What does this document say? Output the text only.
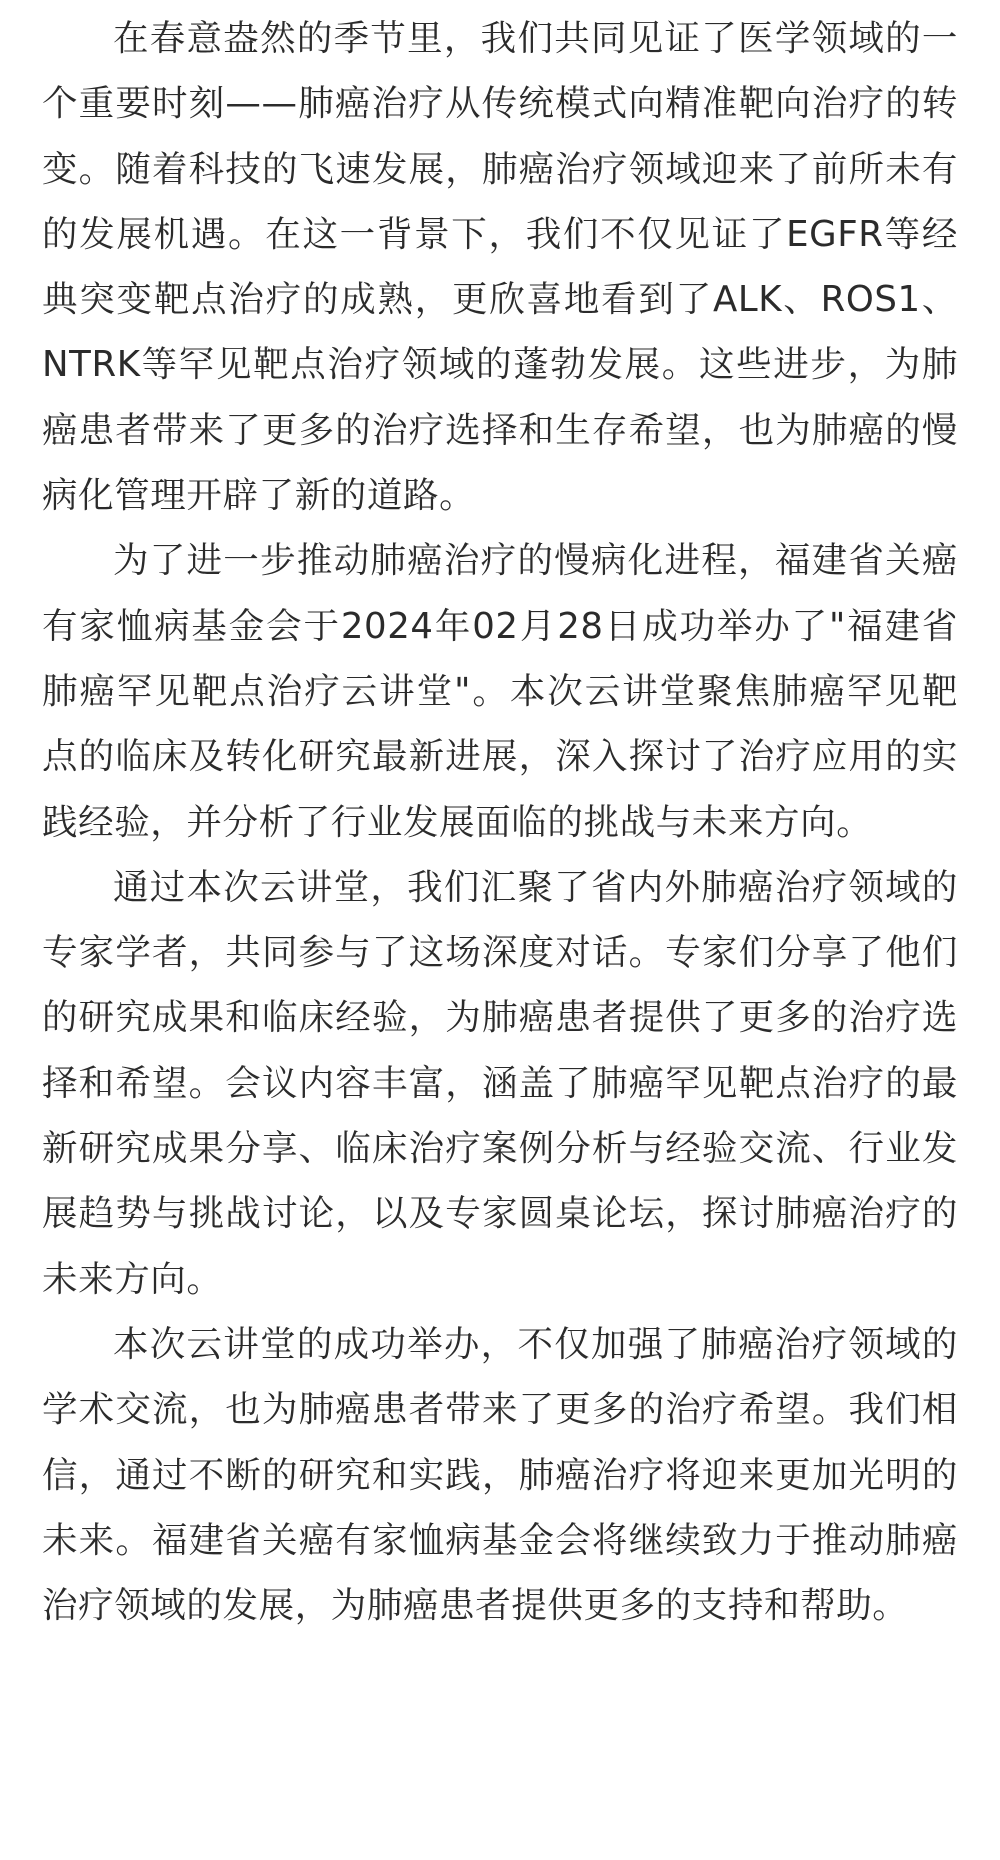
在春意盎然的季节里，我们共同见证了医学领域的一个重要时刻——肺癌治疗从传统模式向精准靶向治疗的转变。随着科技的飞速发展，肺癌治疗领域迎来了前所未有的发展机遇。在这一背景下，我们不仅见证了EGFR等经典突变靶点治疗的成熟，更欣喜地看到了ALK、ROS1、NTRK等罕见靶点治疗领域的蓬勃发展。这些进步，为肺癌患者带来了更多的治疗选择和生存希望，也为肺癌的慢病化管理开辟了新的道路。

为了进一步推动肺癌治疗的慢病化进程，福建省关癌有家恤病基金会于2024年02月28日成功举办了"福建省肺癌罕见靶点治疗云讲堂"。本次云讲堂聚焦肺癌罕见靶点的临床及转化研究最新进展，深入探讨了治疗应用的实践经验，并分析了行业发展面临的挑战与未来方向。

通过本次云讲堂，我们汇聚了省内外肺癌治疗领域的专家学者，共同参与了这场深度对话。专家们分享了他们的研究成果和临床经验，为肺癌患者提供了更多的治疗选择和希望。会议内容丰富，涵盖了肺癌罕见靶点治疗的最新研究成果分享、临床治疗案例分析与经验交流、行业发展趋势与挑战讨论，以及专家圆桌论坛，探讨肺癌治疗的未来方向。

本次云讲堂的成功举办，不仅加强了肺癌治疗领域的学术交流，也为肺癌患者带来了更多的治疗希望。我们相信，通过不断的研究和实践，肺癌治疗将迎来更加光明的未来。福建省关癌有家恤病基金会将继续致力于推动肺癌治疗领域的发展，为肺癌患者提供更多的支持和帮助。
